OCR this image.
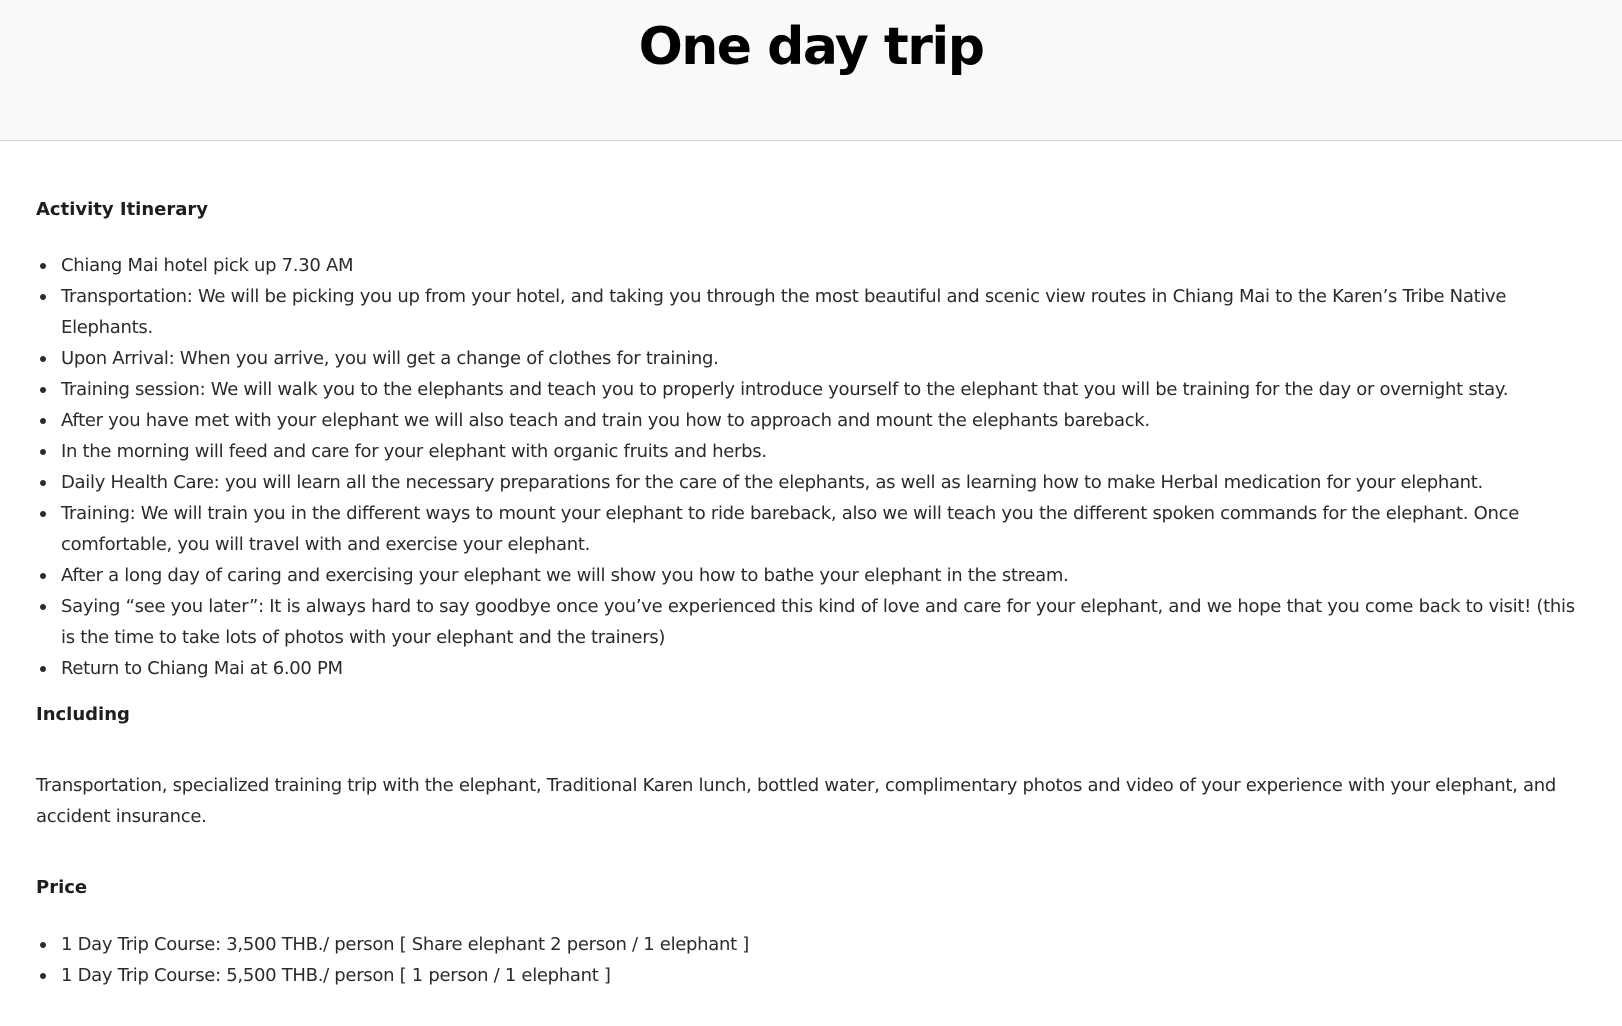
One day trip
Activity Itinerary
Chiang Mai hotel pick up 7.30 AM
Transportation: We will be picking you up from your hotel, and taking you through the most beautiful and scenic view routes in Chiang Mai to the Karen’s Tribe Native Elephants.
Upon Arrival: When you arrive, you will get a change of clothes for training.
Training session: We will walk you to the elephants and teach you to properly introduce yourself to the elephant that you will be training for the day or overnight stay.
After you have met with your elephant we will also teach and train you how to approach and mount the elephants bareback.
In the morning will feed and care for your elephant with organic fruits and herbs.
Daily Health Care: you will learn all the necessary preparations for the care of the elephants, as well as learning how to make Herbal medication for your elephant.
Training: We will train you in the different ways to mount your elephant to ride bareback, also we will teach you the different spoken commands for the elephant. Once comfortable, you will travel with and exercise your elephant.
After a long day of caring and exercising your elephant we will show you how to bathe your elephant in the stream.
Saying “see you later”: It is always hard to say goodbye once you’ve experienced this kind of love and care for your elephant, and we hope that you come back to visit! (this is the time to take lots of photos with your elephant and the trainers)
Return to Chiang Mai at 6.00 PM
Including

Transportation, specialized training trip with the elephant, Traditional Karen lunch, bottled water, complimentary photos and video of your experience with your elephant, and accident insurance.

Price
1 Day Trip Course: 3,500 THB./ person [ Share elephant 2 person / 1 elephant ]
1 Day Trip Course: 5,500 THB./ person [ 1 person / 1 elephant ]
